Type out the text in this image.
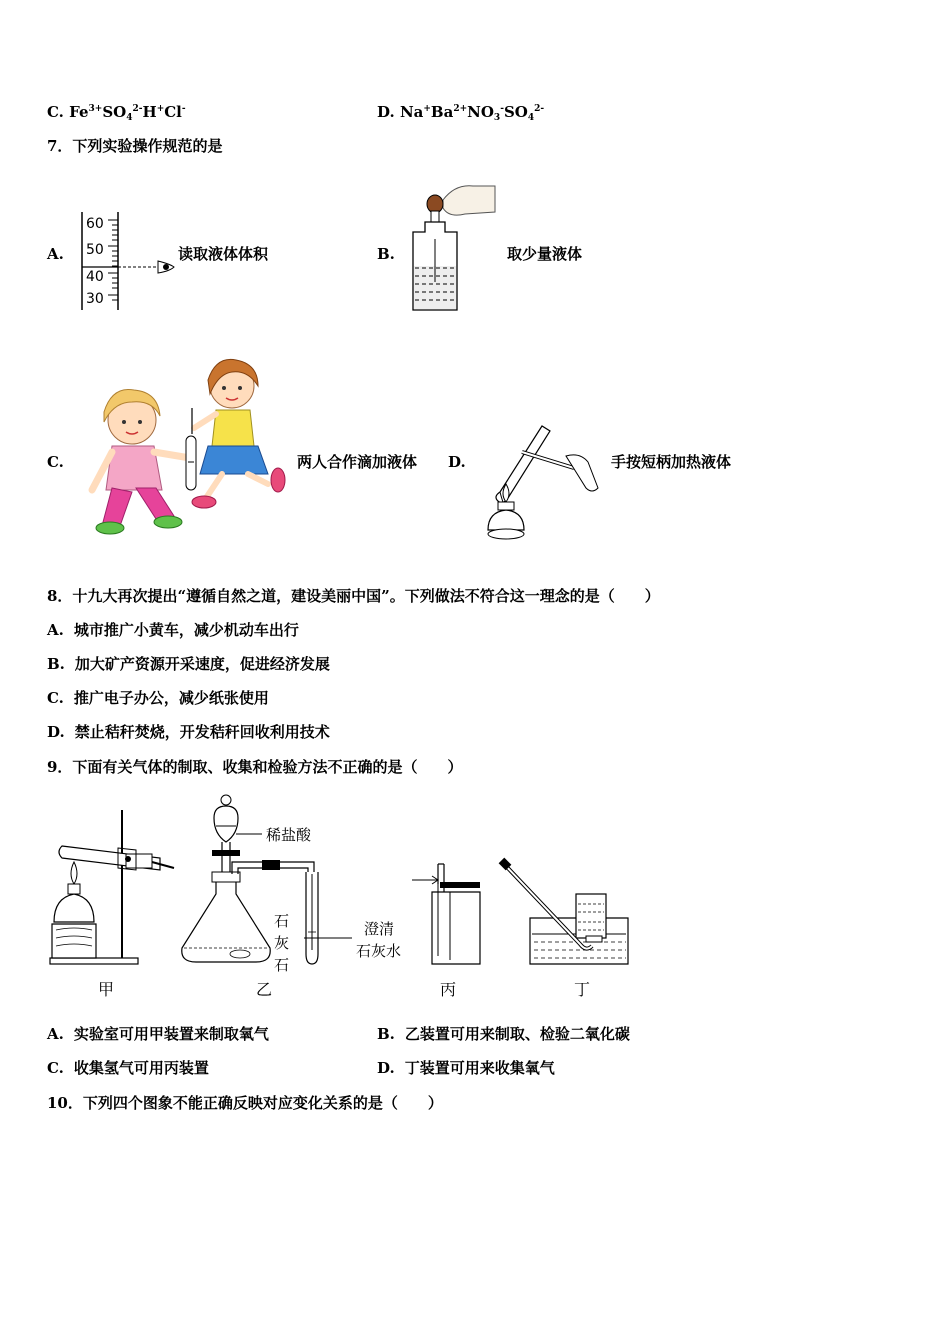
C. $Fe^{3+}SO_4^{2-}H^+Cl^-$	D. $Na^+Ba^{2+}NO_3^-SO_4^{2-}$
7．下列实验操作规范的是
A.
60
50
40
30
读取液体体积	B.	取少量液体
C.	两人合作滴加液体 D.	手按短柄加热液体
8．十九大再次提出“遵循自然之道，建设美丽中国”。下列做法不符合这一理念的是（　　）
A. 城市推广小黄车，减少机动车出行
B. 加大矿产资源开采速度，促进经济发展
C. 推广电子办公，减少纸张使用
D. 禁止秸秆焚烧，开发秸秆回收利用技术
9．下面有关气体的制取、收集和检验方法不正确的是（　　）
稀盐酸
石
灰
石
澄清
石灰水
甲	乙	丙	丁
A. 实验室可用甲装置来制取氧气	B. 乙装置可用来制取、检验二氧化碳
C. 收集氢气可用丙装置	D. 丁装置可用来收集氧气
10．下列四个图象不能正确反映对应变化关系的是（　　）
